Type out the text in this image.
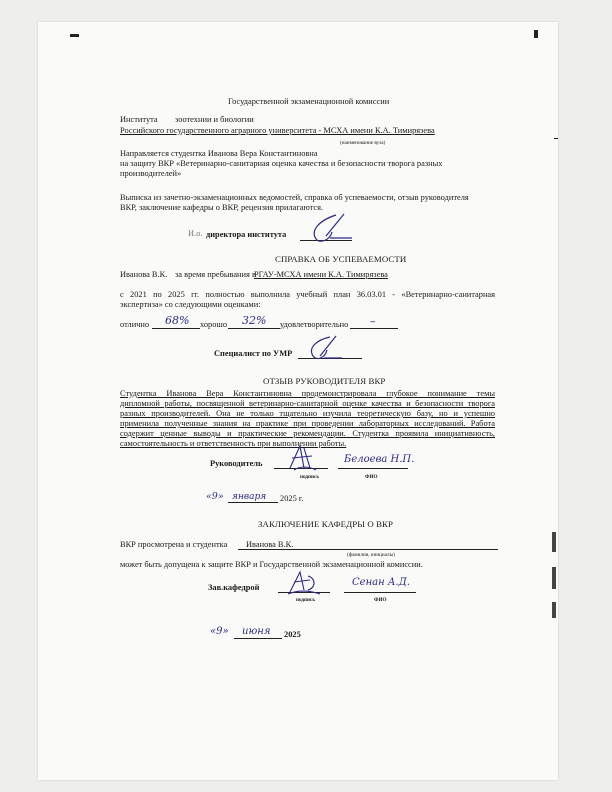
Государственной экзаменационной комиссии
Института зоотехнии и биологии
Российского государственного аграрного университета - МСХА имени К.А. Тимирязева
(наименование вуза)
Направляется студентка Иванова Вера Константиновна
на защиту ВКР «Ветеринарно-санитарная оценка качества и безопасности творога разных
производителей»
Выписка из зачетно-экзаменационных ведомостей, справка об успеваемости, отзыв руководителя
ВКР, заключение кафедры о ВКР, рецензия прилагаются.
И.о. директора института
СПРАВКА ОБ УСПЕВАЕМОСТИ
Иванова В.К. за время пребывания в
РГАУ-МСХА имени К.А. Тимирязева
с 2021 по 2025 гг. полностью выполнила учебный план 36.03.01 - «Ветеринарно-санитарная
экспертиза» со следующими оценками:
отлично 68% хорошо 32% удовлетворительно –
Специалист по УМР
ОТЗЫВ РУКОВОДИТЕЛЯ ВКР
Студентка Иванова Вера Константиновна продемонстрировала глубокое понимание темы
дипломной работы, посвященной ветеринарно-санитарной оценке качества и безопасности творога
разных производителей. Она не только тщательно изучила теоретическую базу, но и успешно
применила полученные знания на практике при проведении лабораторных исследований. Работа
содержит ценные выводы и практические рекомендации. Студентка проявила инициативность,
самостоятельность и ответственность при выполнении работы.
Руководитель
подпись
Белоева Н.П.
ФИО
«9» января 2025 г.
ЗАКЛЮЧЕНИЕ КАФЕДРЫ О ВКР
ВКР просмотрена и студентка Иванова В.К.
(фамилия, инициалы)
может быть допущена к защите ВКР и Государственной экзаменационной комиссии.
Зав.кафедрой
подпись
Сенан А.Д.
ФИО
«9» июня 2025
